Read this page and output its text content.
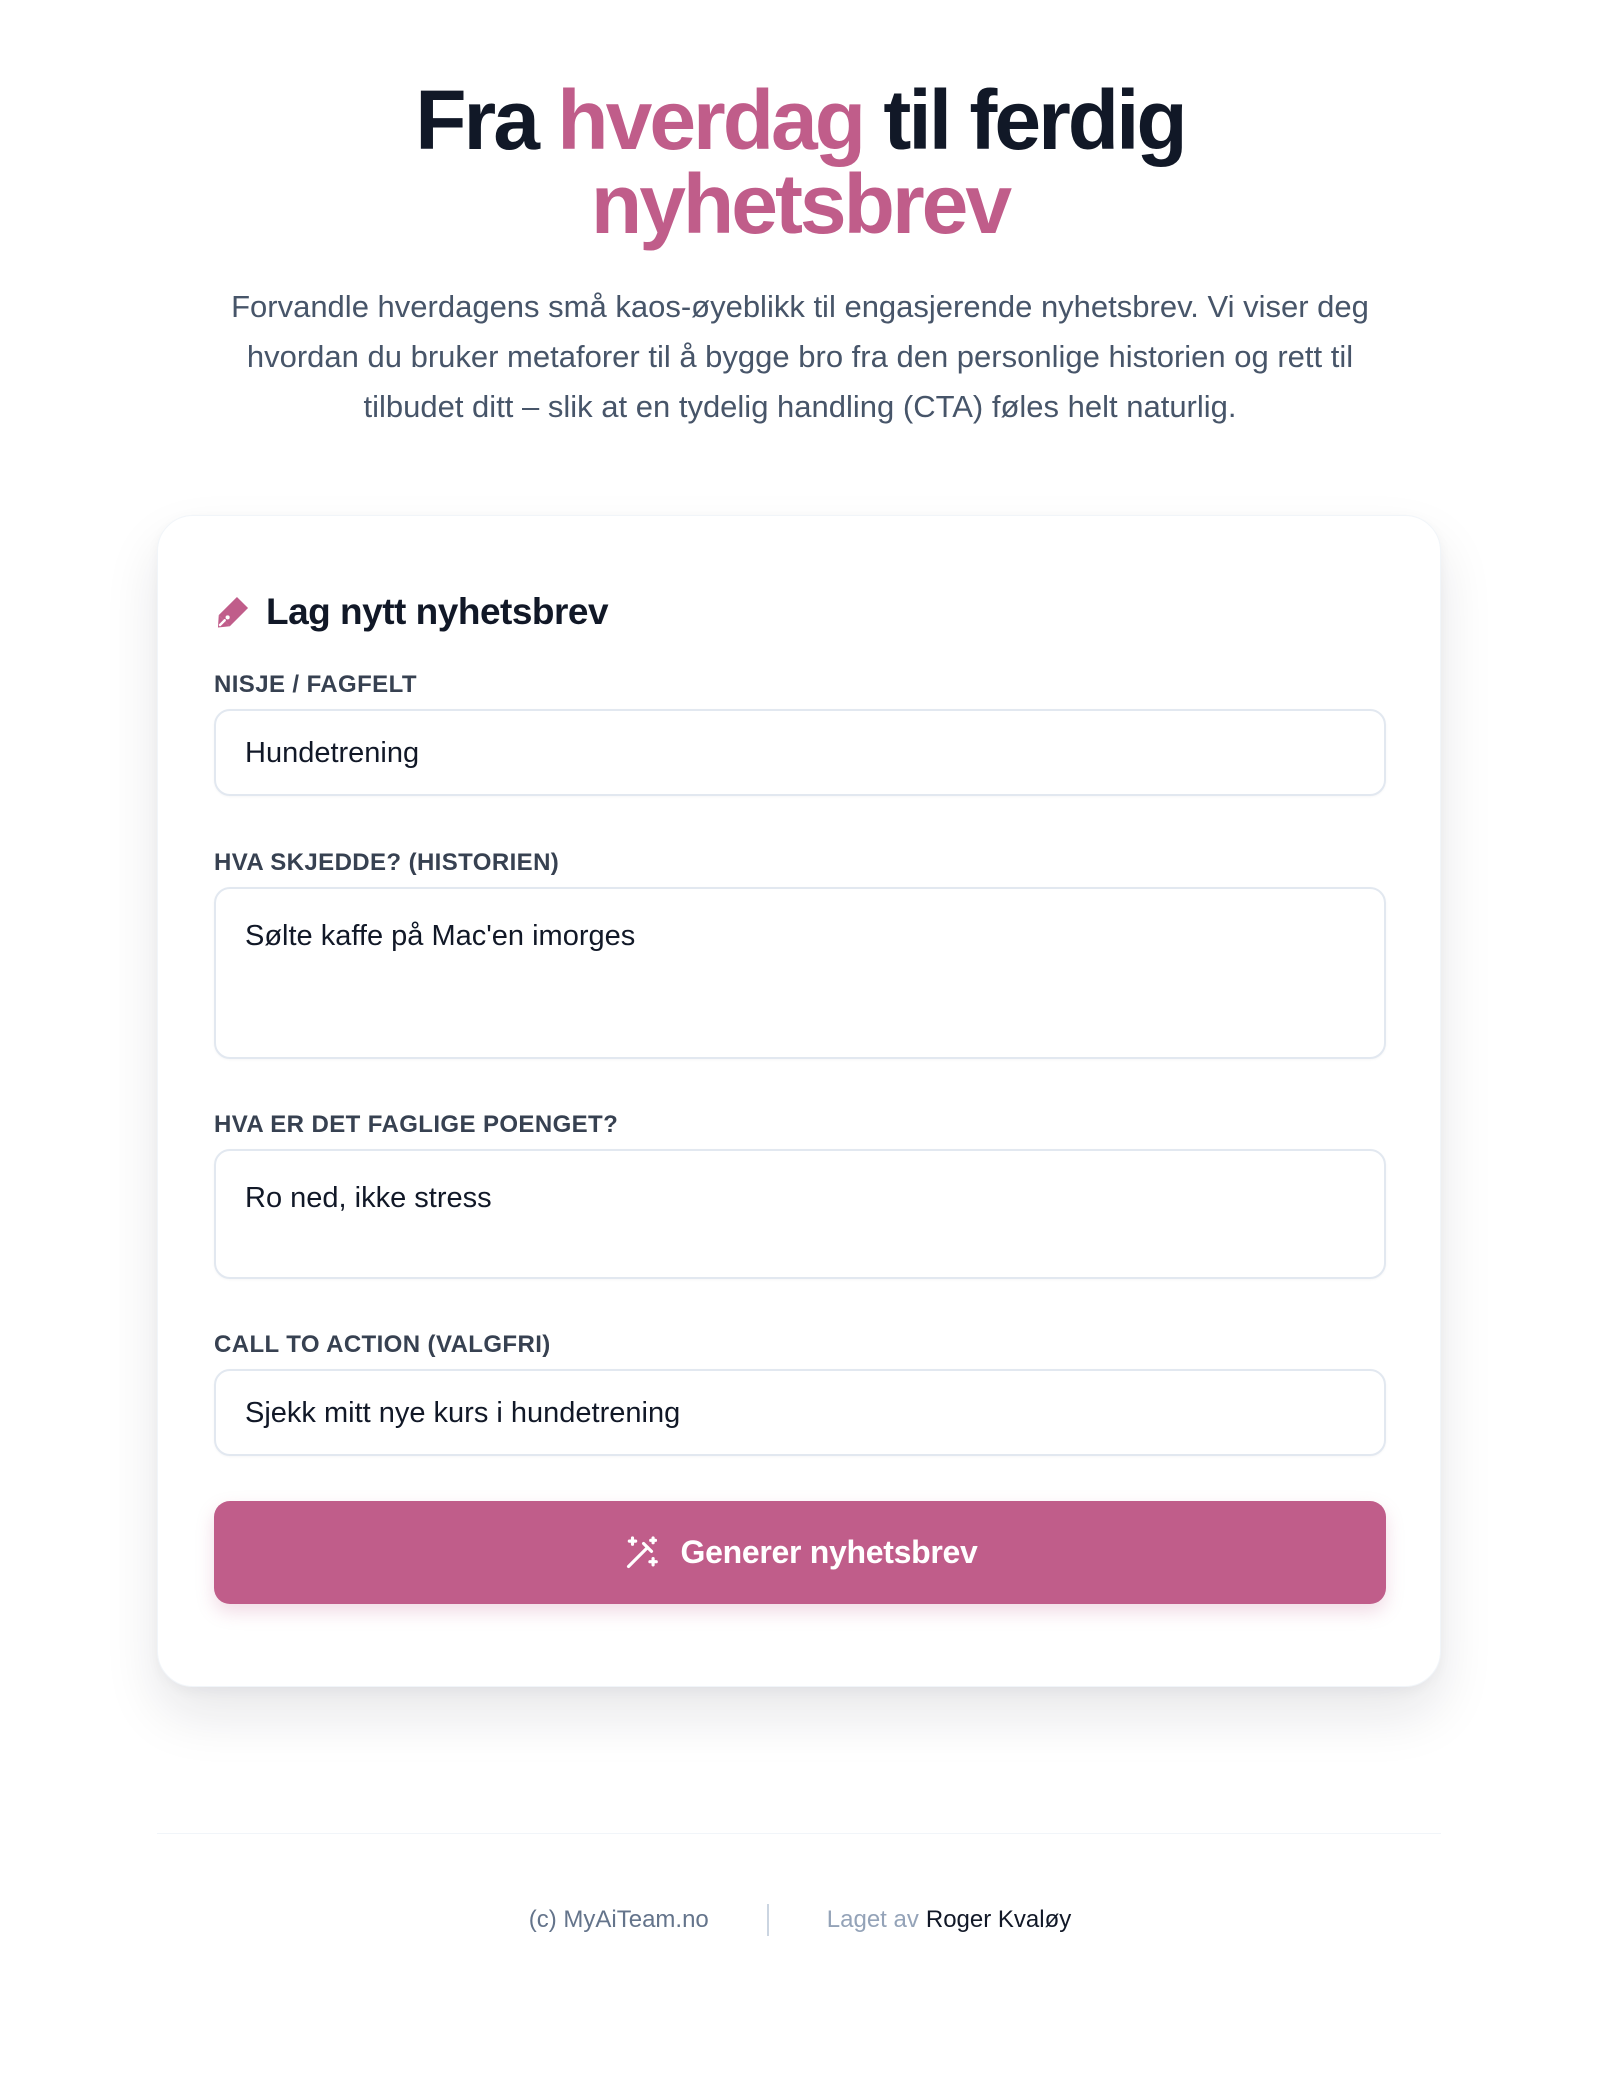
Fra hverdag til ferdig
nyhetsbrev

Forvandle hverdagens små kaos-øyeblikk til engasjerende nyhetsbrev. Vi viser deg hvordan du bruker metaforer til å bygge bro fra den personlige historien og rett til tilbudet ditt – slik at en tydelig handling (CTA) føles helt naturlig.

Lag nytt nyhetsbrev
NISJE / FAGFELT
Hundetrening
HVA SKJEDDE? (HISTORIEN)
Sølte kaffe på Mac'en imorges
HVA ER DET FAGLIGE POENGET?
Ro ned, ikke stress
CALL TO ACTION (VALGFRI)
Sjekk mitt nye kurs i hundetrening
Generer nyhetsbrev
(c) MyAiTeam.no	Laget av Roger Kvaløy
